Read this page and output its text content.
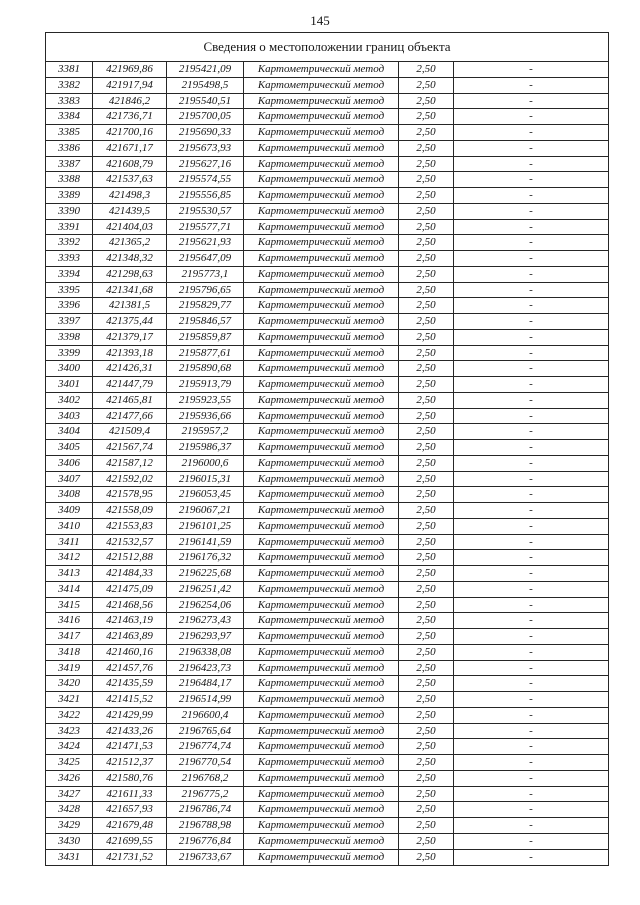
145
Сведения о местоположении границ объекта
3381	421969,86	2195421,09	Картометрический метод	2,50	-
3382	421917,94	2195498,5	Картометрический метод	2,50	-
3383	421846,2	2195540,51	Картометрический метод	2,50	-
3384	421736,71	2195700,05	Картометрический метод	2,50	-
3385	421700,16	2195690,33	Картометрический метод	2,50	-
3386	421671,17	2195673,93	Картометрический метод	2,50	-
3387	421608,79	2195627,16	Картометрический метод	2,50	-
3388	421537,63	2195574,55	Картометрический метод	2,50	-
3389	421498,3	2195556,85	Картометрический метод	2,50	-
3390	421439,5	2195530,57	Картометрический метод	2,50	-
3391	421404,03	2195577,71	Картометрический метод	2,50	-
3392	421365,2	2195621,93	Картометрический метод	2,50	-
3393	421348,32	2195647,09	Картометрический метод	2,50	-
3394	421298,63	2195773,1	Картометрический метод	2,50	-
3395	421341,68	2195796,65	Картометрический метод	2,50	-
3396	421381,5	2195829,77	Картометрический метод	2,50	-
3397	421375,44	2195846,57	Картометрический метод	2,50	-
3398	421379,17	2195859,87	Картометрический метод	2,50	-
3399	421393,18	2195877,61	Картометрический метод	2,50	-
3400	421426,31	2195890,68	Картометрический метод	2,50	-
3401	421447,79	2195913,79	Картометрический метод	2,50	-
3402	421465,81	2195923,55	Картометрический метод	2,50	-
3403	421477,66	2195936,66	Картометрический метод	2,50	-
3404	421509,4	2195957,2	Картометрический метод	2,50	-
3405	421567,74	2195986,37	Картометрический метод	2,50	-
3406	421587,12	2196000,6	Картометрический метод	2,50	-
3407	421592,02	2196015,31	Картометрический метод	2,50	-
3408	421578,95	2196053,45	Картометрический метод	2,50	-
3409	421558,09	2196067,21	Картометрический метод	2,50	-
3410	421553,83	2196101,25	Картометрический метод	2,50	-
3411	421532,57	2196141,59	Картометрический метод	2,50	-
3412	421512,88	2196176,32	Картометрический метод	2,50	-
3413	421484,33	2196225,68	Картометрический метод	2,50	-
3414	421475,09	2196251,42	Картометрический метод	2,50	-
3415	421468,56	2196254,06	Картометрический метод	2,50	-
3416	421463,19	2196273,43	Картометрический метод	2,50	-
3417	421463,89	2196293,97	Картометрический метод	2,50	-
3418	421460,16	2196338,08	Картометрический метод	2,50	-
3419	421457,76	2196423,73	Картометрический метод	2,50	-
3420	421435,59	2196484,17	Картометрический метод	2,50	-
3421	421415,52	2196514,99	Картометрический метод	2,50	-
3422	421429,99	2196600,4	Картометрический метод	2,50	-
3423	421433,26	2196765,64	Картометрический метод	2,50	-
3424	421471,53	2196774,74	Картометрический метод	2,50	-
3425	421512,37	2196770,54	Картометрический метод	2,50	-
3426	421580,76	2196768,2	Картометрический метод	2,50	-
3427	421611,33	2196775,2	Картометрический метод	2,50	-
3428	421657,93	2196786,74	Картометрический метод	2,50	-
3429	421679,48	2196788,98	Картометрический метод	2,50	-
3430	421699,55	2196776,84	Картометрический метод	2,50	-
3431	421731,52	2196733,67	Картометрический метод	2,50	-
